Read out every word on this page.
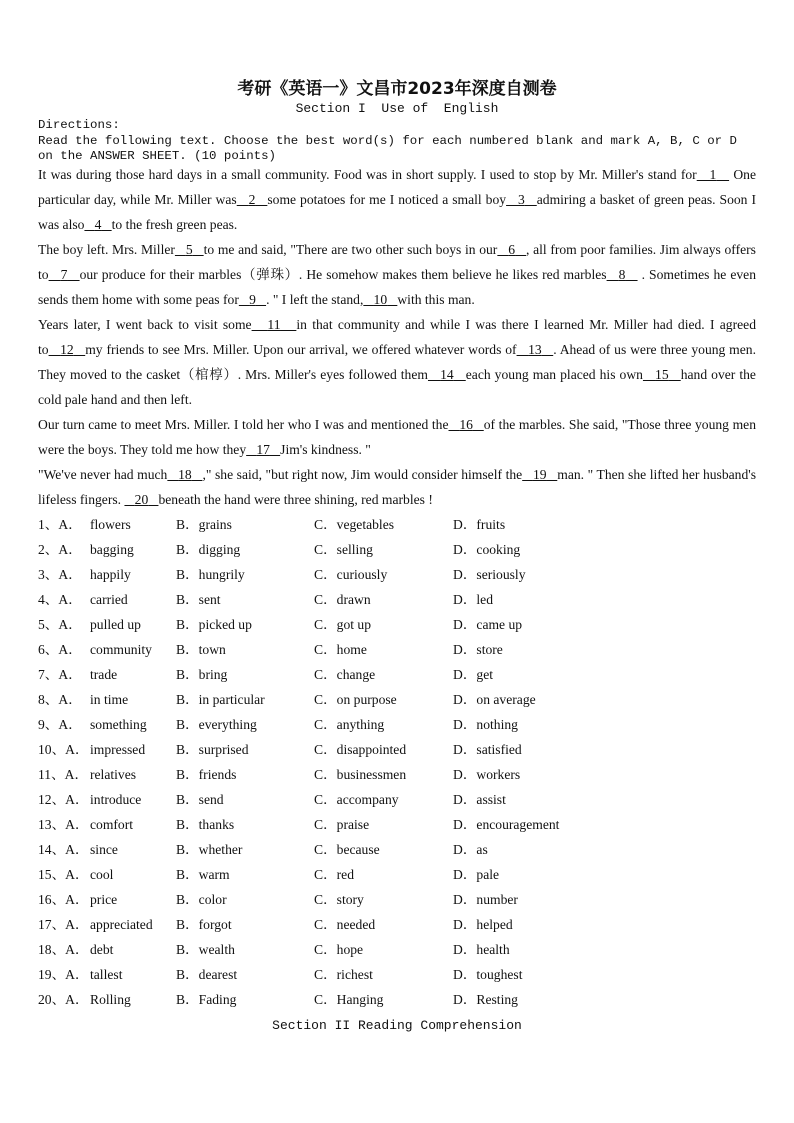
考研《英语一》文昌市2023年深度自测卷
Section I  Use of  English
Directions:
Read the following text. Choose the best word(s) for each numbered blank and mark A, B, C or D on the ANSWER SHEET. (10 points)

It was during those hard days in a small community. Food was in short supply. I used to stop by Mr. Miller's stand for 1    One particular day, while Mr. Miller was 2 some potatoes for me I noticed a small boy 3 admiring a basket of green peas. Soon I was also 4 to the fresh green peas.

The boy left. Mrs. Miller 5 to me and said, "There are two other such boys in our 6 , all from poor families. Jim always offers to 7 our produce for their marbles（弹珠）. He somehow makes them believe he likes red marbles 8    . Sometimes he even sends them home with some peas for 9 . " I left the stand, 10 with this man.

Years later, I went back to visit some 11 in that community and while I was there I learned Mr. Miller had died. I agreed to 12 my friends to see Mrs. Miller. Upon our arrival, we offered whatever words of 13 . Ahead of us were three young men. They moved to the casket（棺椁）. Mrs. Miller's eyes followed them 14 each young man placed his own 15 hand over the cold pale hand and then left.

Our turn came to meet Mrs. Miller. I told her who I was and mentioned the 16 of the marbles. She said, "Those three young men were the boys. They told me how they 17 Jim's kindness. "

"We've never had much 18 ," she said, "but right now, Jim would consider himself the 19 man. " Then she lifted her husband's lifeless fingers.    20 beneath the hand were three shining, red marbles !

1、A． flowers	B．grains	C．vegetables	D．fruits
2、A． bagging	B．digging	C．selling	D．cooking
3、A． happily	B．hungrily	C．curiously	D．seriously
4、A． carried	B．sent	C．drawn	D．led
5、A． pulled up	B．picked up	C．got up	D．came up
6、A． community B．town	C．home	D．store
7、A． trade	B．bring	C．change	D．get
8、A． in time	B．in particular	C．on purpose	D．on average
9、A． something B．everything	C．anything	D．nothing
10、A． impressed B．surprised	C．disappointed	D．satisfied
11、A． relatives	B．friends	C．businessmen	D．workers
12、A． introduce	B．send	C．accompany	D．assist
13、A． comfort	B．thanks	C．praise	D．encouragement
14、A． since	B．whether	C．because	D．as
15、A． cool	B．warm	C．red	D．pale
16、A． price	B．color	C．story	D．number
17、A． appreciated B．forgot	C．needed	D．helped
18、A． debt	B．wealth	C．hope	D．health
19、A． tallest	B．dearest	C．richest	D．toughest
20、A． Rolling	B．Fading	C．Hanging	D．Resting
Section II Reading Comprehension
